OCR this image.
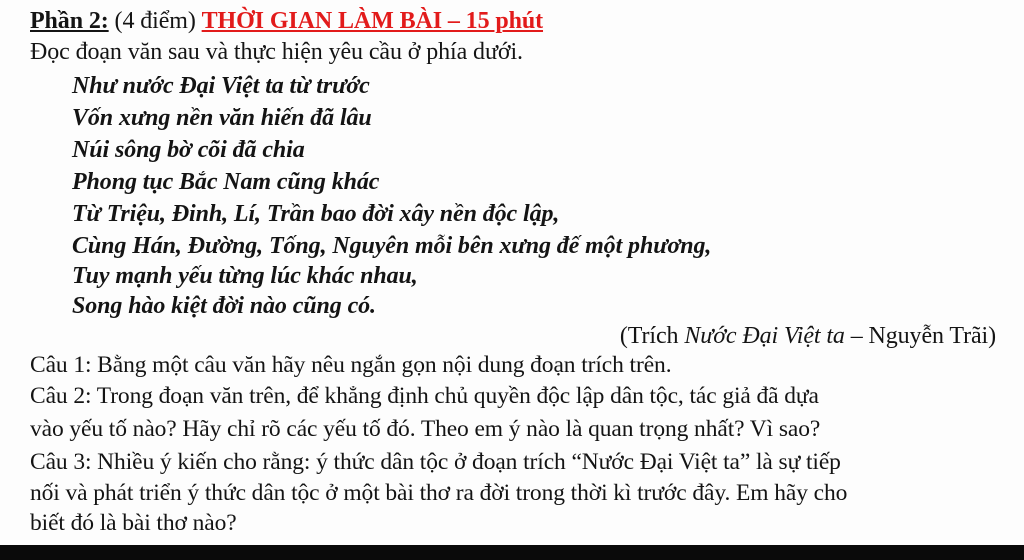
Phần 2: (4 điểm) THỜI GIAN LÀM BÀI – 15 phút
Đọc đoạn văn sau và thực hiện yêu cầu ở phía dưới.
Như nước Đại Việt ta từ trước
Vốn xưng nền văn hiến đã lâu
Núi sông bờ cõi đã chia
Phong tục Bắc Nam cũng khác
Từ Triệu, Đinh, Lí, Trần bao đời xây nền độc lập,
Cùng Hán, Đường, Tống, Nguyên mỗi bên xưng đế một phương,
Tuy mạnh yếu từng lúc khác nhau,
Song hào kiệt đời nào cũng có.
(Trích Nước Đại Việt ta – Nguyễn Trãi)
Câu 1: Bằng một câu văn hãy nêu ngắn gọn nội dung đoạn trích trên.
Câu 2: Trong đoạn văn trên, để khẳng định chủ quyền độc lập dân tộc, tác giả đã dựa
vào yếu tố nào? Hãy chỉ rõ các yếu tố đó. Theo em ý nào là quan trọng nhất? Vì sao?
Câu 3: Nhiều ý kiến cho rằng: ý thức dân tộc ở đoạn trích “Nước Đại Việt ta” là sự tiếp
nối và phát triển ý thức dân tộc ở một bài thơ ra đời trong thời kì trước đây. Em hãy cho
biết đó là bài thơ nào?
